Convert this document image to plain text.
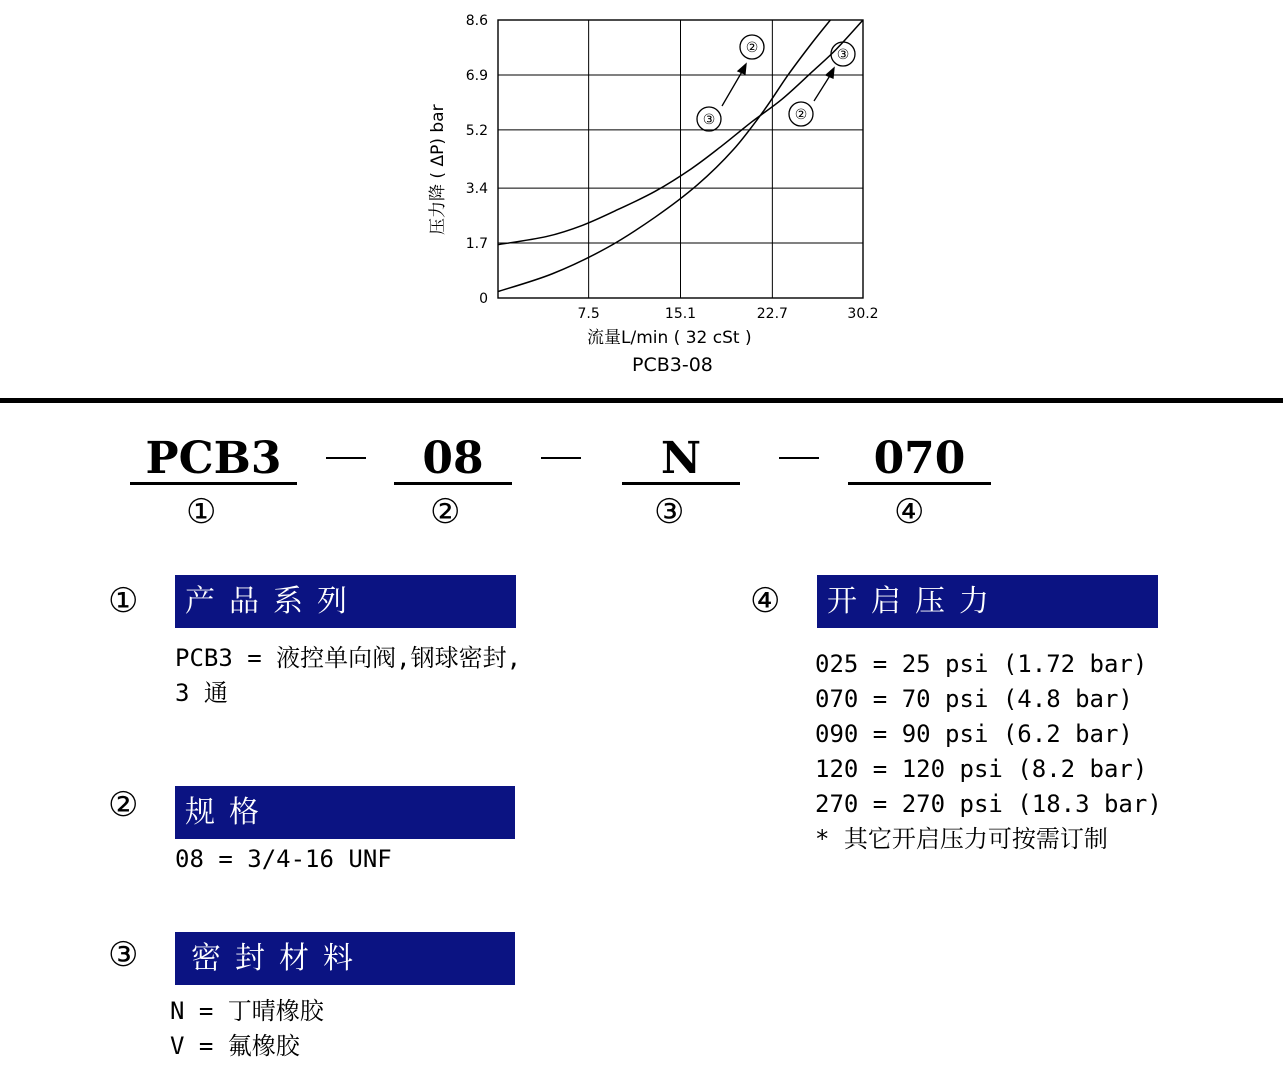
8.6
6.9
5.2
3.4
1.7
0
7.5	15.1	22.7	30.2
压力降 ( ΔP) bar
流量L/min ( 32 cSt )
PCB3-08
②	③
③	②
PCB3	08	N	070
①	②	③	④
①	产品系列
PCB3 = 液控单向阀,钢球密封,
3 通
②	规格
08 = 3/4-16 UNF
③	密封材料
N = 丁晴橡胶
V = 氟橡胶
④	开启压力
025 = 25 psi (1.72 bar)
070 = 70 psi (4.8 bar)
090 = 90 psi (6.2 bar)
120 = 120 psi (8.2 bar)
270 = 270 psi (18.3 bar)
* 其它开启压力可按需订制
